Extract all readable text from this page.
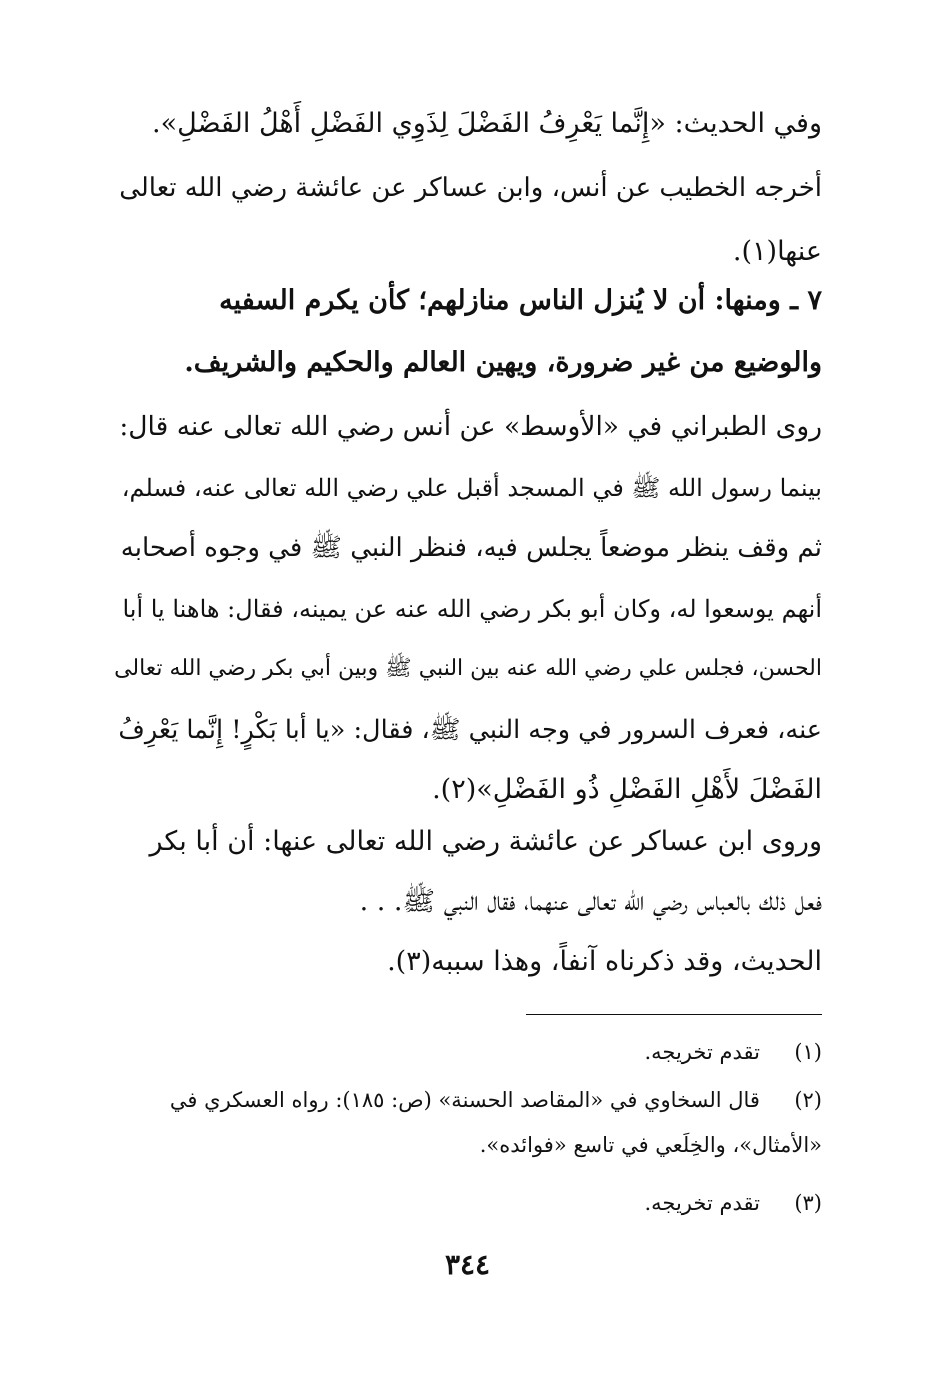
وفي الحديث: «إِنَّما يَعْرِفُ الفَضْلَ لِذَوِي الفَضْلِ أَهْلُ الفَضْلِ».
أخرجه الخطيب عن أنس، وابن عساكر عن عائشة رضي الله تعالى
عنها(١).
٧ ـ ومنها: أن لا يُنزل الناس منازلهم؛ كأن يكرم السفيه
والوضيع من غير ضرورة، ويهين العالم والحكيم والشريف.
روى الطبراني في «الأوسط» عن أنس رضي الله تعالى عنه قال:
بينما رسول الله ﷺ في المسجد أقبل علي رضي الله تعالى عنه، فسلم،
ثم وقف ينظر موضعاً يجلس فيه، فنظر النبي ﷺ في وجوه أصحابه
أنهم يوسعوا له، وكان أبو بكر رضي الله عنه عن يمينه، فقال: هاهنا يا أبا
الحسن، فجلس علي رضي الله عنه بين النبي ﷺ وبين أبي بكر رضي الله تعالى
عنه، فعرف السرور في وجه النبي ﷺ، فقال: «يا أبا بَكْرٍ! إِنَّما يَعْرِفُ
الفَضْلَ لأَهْلِ الفَضْلِ ذُو الفَضْلِ»(٢).
وروى ابن عساكر عن عائشة رضي الله تعالى عنها: أن أبا بكر
فعل ذلك بالعباس رضي الله تعالى عنهما، فقال النبي ﷺ. . .
الحديث، وقد ذكرناه آنفاً، وهذا سببه(٣).
(١)   تقدم تخريجه.
(٢)   قال السخاوي في «المقاصد الحسنة» (ص: ١٨٥): رواه العسكري في
«الأمثال»، والخِلَعي في تاسع «فوائده».
(٣)   تقدم تخريجه.
٣٤٤
